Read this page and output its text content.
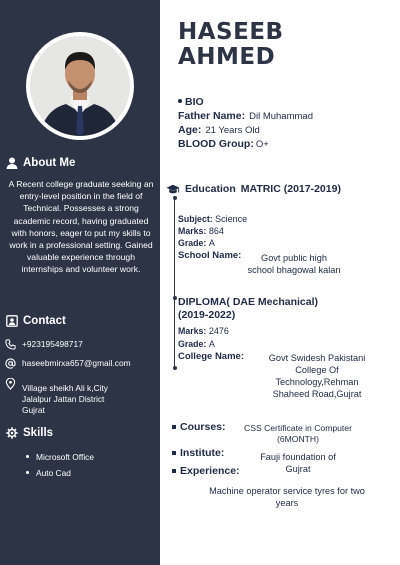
About Me
A Recent college graduate seeking an entry-level position in the field of Technical. Possesses a strong academic record, having graduated with honors, eager to put my skills to work in a professional setting. Gained valuable experience through internships and volunteer work.
Contact
+923195498717
haseebmirxa657@gmail.com
Village sheikh Ali k,City
Jalalpur Jattan District
Gujrat
Skills
Microsoft Office
Auto Cad
HASEEB
AHMED
BIO
Father Name: Dil Muhammad
Age: 21 Years Old
BLOOD Group: O+
Education MATRIC (2017-2019)
Subject: Science
Marks: 864
Grade: A
School Name:	Govt public high
school bhagowal kalan
DIPLOMA( DAE Mechanical)
(2019-2022)
Marks: 2476
Grade: A
College Name:	Govt Swidesh Pakistani
College Of
Technology,Rehman
Shaheed Road,Gujrat
Courses:	CSS Certificate in Computer
(6MONTH)
Institute:	Fauji foundation of
Gujrat
Experience:
Machine operator service tyres for two
years
